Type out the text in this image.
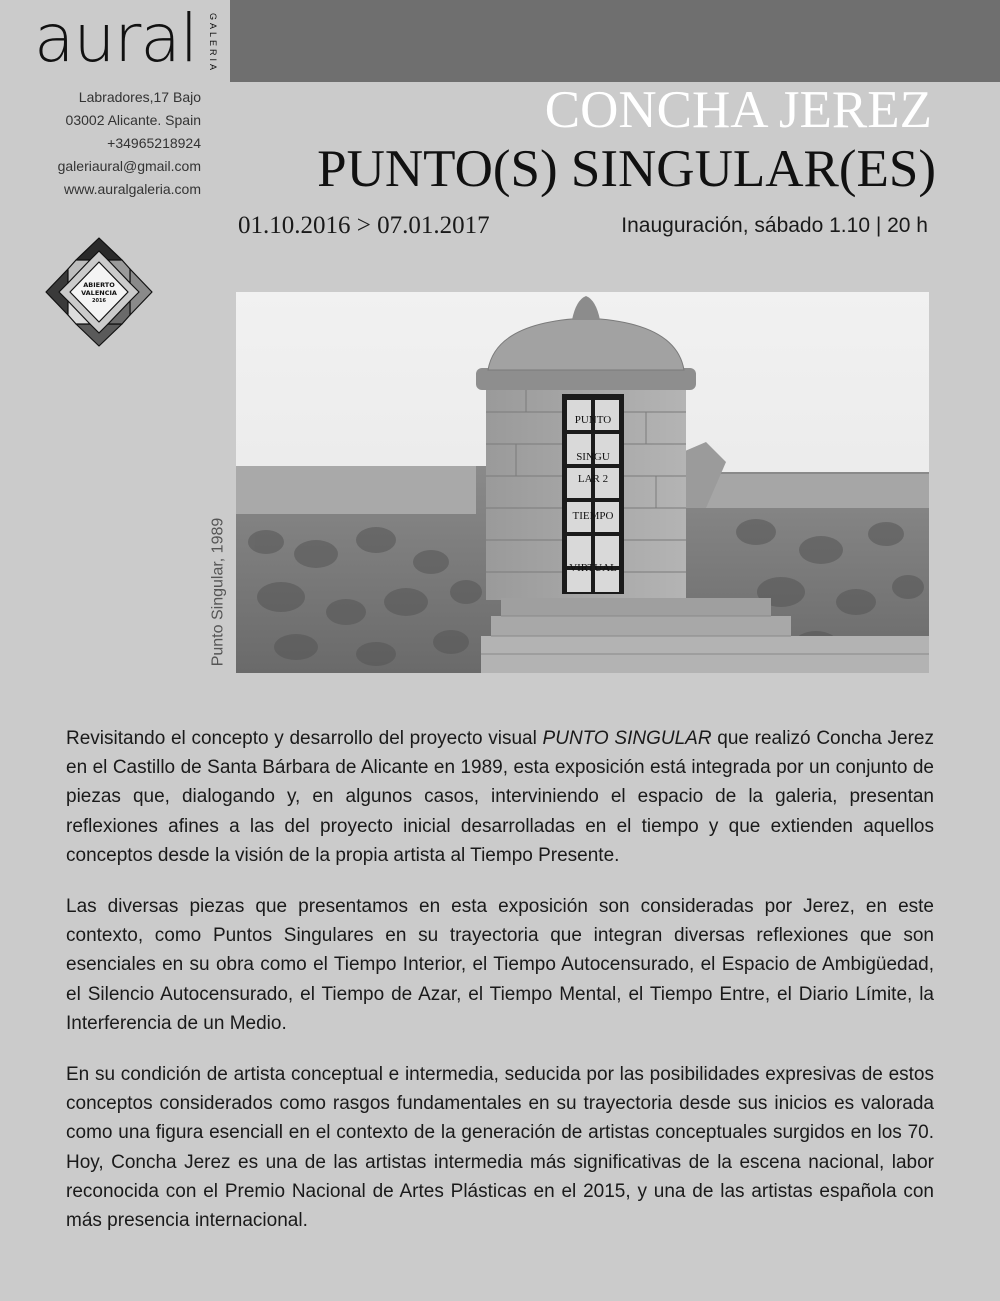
aural GALERIA
Labradores,17 Bajo
03002 Alicante. Spain
+34965218924
galeriaural@gmail.com
www.auralgaleria.com
CONCHA JEREZ
PUNTO(S) SINGULAR(ES)
01.10.2016 > 07.01.2017	Inauguración, sábado 1.10 | 20 h
ABIERTO
VALENCIA
2016
Punto Singular, 1989
PUNTO
SINGU
LAR 2
TIEMPO
VIRTUAL

Revisitando el concepto y desarrollo del proyecto visual PUNTO SINGULAR que realizó Concha Jerez en el Castillo de Santa Bárbara de Alicante en 1989, esta exposición está integrada por un conjunto de piezas que, dialogando y, en algunos casos, interviniendo el espacio de la galeria, presentan reflexiones afines a las del proyecto inicial desarrolladas en el tiempo y que extienden aquellos conceptos desde la visión de la propia artista al Tiempo Presente.

Las diversas piezas que presentamos en esta exposición son consideradas por Jerez, en este contexto, como Puntos Singulares en su trayectoria que integran diversas reflexiones que son esenciales en su obra como el Tiempo Interior, el Tiempo Autocensurado, el Espacio de Ambigüedad, el Silencio Autocensurado, el Tiempo de Azar, el Tiempo Mental, el Tiempo Entre, el Diario Límite, la Interferencia de un Medio.

En su condición de artista conceptual e intermedia, seducida por las posibilidades expresivas de estos conceptos considerados como rasgos fundamentales en su trayectoria desde sus inicios es valorada como una figura esenciall en el contexto de la generación de artistas conceptuales surgidos en los 70. Hoy, Concha Jerez es una de las artistas intermedia más significativas de la escena nacional, labor reconocida con el Premio Nacional de Artes Plásticas en el 2015, y una de las artistas española con más presencia internacional.
